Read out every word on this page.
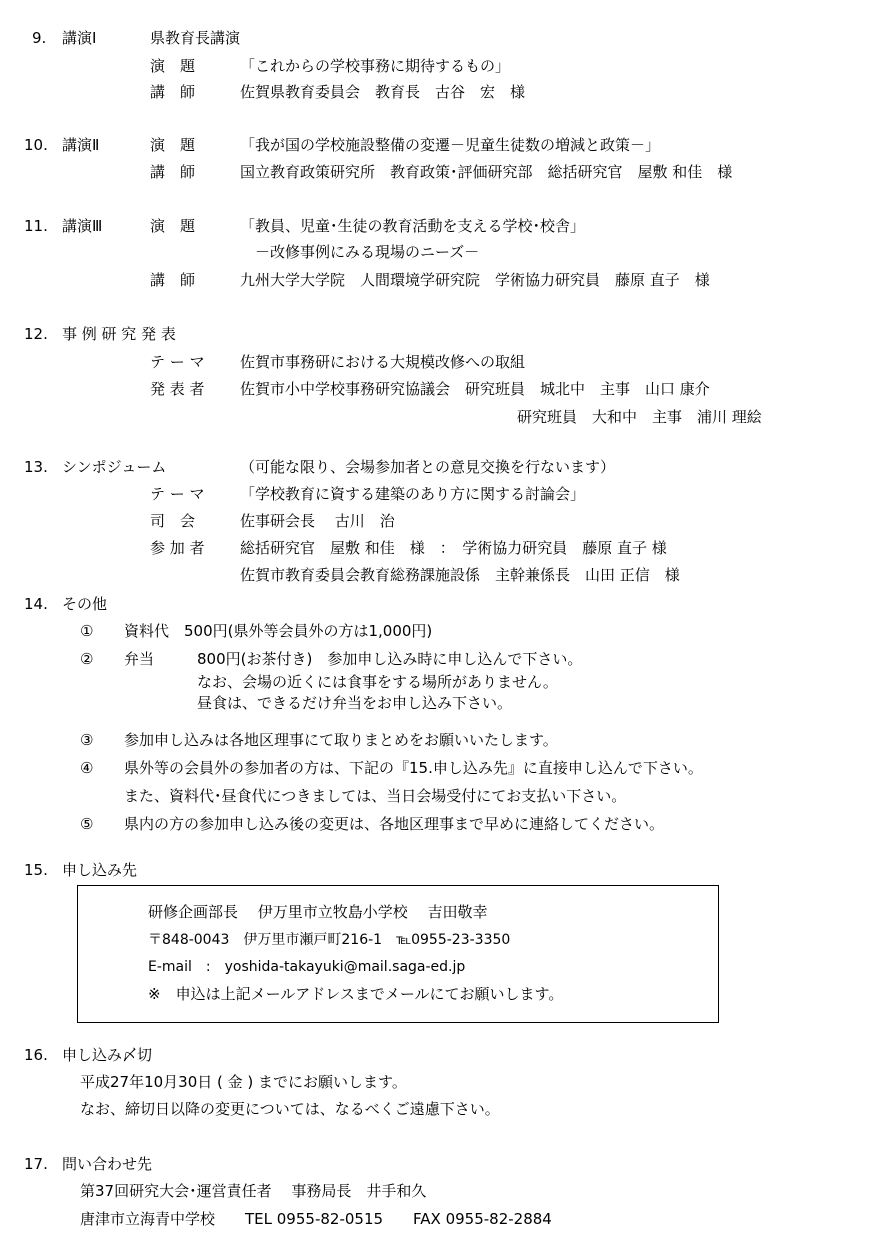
9. 講演Ⅰ	県教育長講演
演　題	「これからの学校事務に期待するもの」
講　師	佐賀県教育委員会　教育長　古谷　宏　様
10. 講演Ⅱ	演　題	「我が国の学校施設整備の変遷－児童生徒数の増減と政策－」
講　師	国立教育政策研究所　教育政策･評価研究部　総括研究官　屋敷 和佳　様
11. 講演Ⅲ	演　題	「教員、児童･生徒の教育活動を支える学校･校舎」
－改修事例にみる現場のニーズ－
講　師	九州大学大学院　人間環境学研究院　学術協力研究員　藤原 直子　様
12. 事 例 研 究 発 表
テ ー マ 佐賀市事務研における大規模改修への取組
発 表 者 佐賀市小中学校事務研究協議会　研究班員　城北中　主事　山口 康介
研究班員　大和中　主事　浦川 理絵
13. シンポジューム	（可能な限り、会場参加者との意見交換を行ないます）
テ ー マ 「学校教育に資する建築のあり方に関する討論会」
司　会	佐事研会長　 古川　治
参 加 者 総括研究官　屋敷 和佳　様　：　学術協力研究員　藤原 直子 様
佐賀市教育委員会教育総務課施設係　主幹兼係長　山田 正信　様
14. その他
① 資料代　500円(県外等会員外の方は1,000円)
② 弁当	800円(お茶付き)　参加申し込み時に申し込んで下さい。
なお、会場の近くには食事をする場所がありません。
昼食は、できるだけ弁当をお申し込み下さい。
③ 参加申し込みは各地区理事にて取りまとめをお願いいたします。
④ 県外等の会員外の参加者の方は、下記の『15.申し込み先』に直接申し込んで下さい。
また、資料代･昼食代につきましては、当日会場受付にてお支払い下さい。
⑤ 県内の方の参加申し込み後の変更は、各地区理事まで早めに連絡してください。
15. 申し込み先
研修企画部長　 伊万里市立牧島小学校　 吉田敬幸
〒848-0043　伊万里市瀬戸町216-1　℡0955-23-3350
E-mail　:　yoshida-takayuki@mail.saga-ed.jp
※　申込は上記メールアドレスまでメールにてお願いします。
16. 申し込み〆切
平成27年10月30日 ( 金 ) までにお願いします。
なお、締切日以降の変更については、なるべくご遠慮下さい。
17. 問い合わせ先
第37回研究大会･運営責任者　 事務局長　井手和久
唐津市立海青中学校　　TEL 0955-82-0515　　FAX 0955-82-2884
